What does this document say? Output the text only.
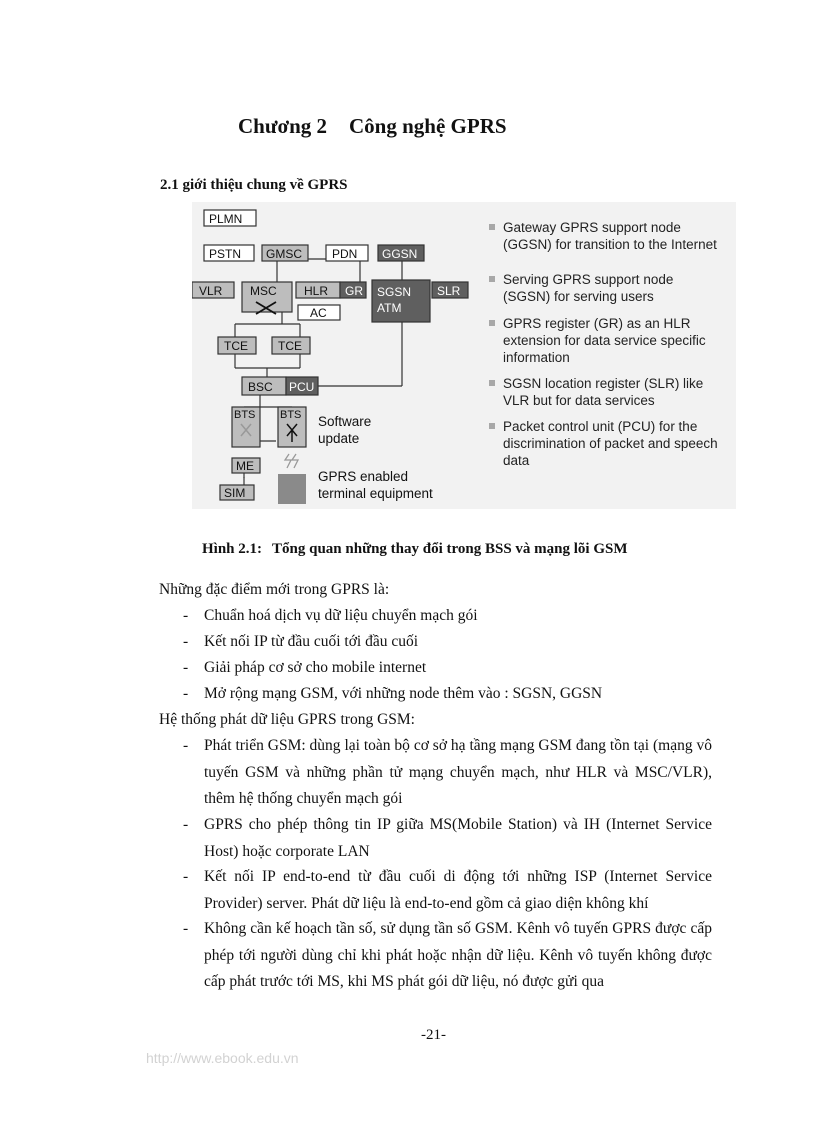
Chương 2 Công nghệ GPRS
2.1 giới thiệu chung về GPRS
PLMN
PSTN GMSC	PDN GGSN
VLR MSC HLR GR
AC
SGSN
ATM
SLR
TCE	TCE
BSC PCU
BTS BTS
ME
SIM
Software
update
GPRS enabled
terminal equipment
Gateway GPRS support node
(GGSN) for transition to the Internet
Serving GPRS support node
(SGSN) for serving users
GPRS register (GR) as an HLR
extension for data service specific
information
SGSN location register (SLR) like
VLR but for data services
Packet control unit (PCU) for the
discrimination of packet and speech
data
Hình 2.1: Tổng quan những thay đổi trong BSS và mạng lõi GSM
Những đặc điểm mới trong GPRS là:
- Chuẩn hoá dịch vụ dữ liệu chuyển mạch gói
- Kết nối IP từ đầu cuối tới đầu cuối
- Giải pháp cơ sở cho mobile internet
- Mở rộng mạng GSM, với những node thêm vào : SGSN, GGSN
Hệ thống phát dữ liệu GPRS trong GSM:
- Phát triển GSM: dùng lại toàn bộ cơ sở hạ tầng mạng GSM đang tồn tại (mạng vô tuyến GSM và những phần tử mạng chuyển mạch, như HLR và MSC/VLR), thêm hệ thống chuyển mạch gói
- GPRS cho phép thông tin IP giữa MS(Mobile Station) và IH (Internet Service Host) hoặc corporate LAN
- Kết nối IP end-to-end từ đầu cuối di động tới những ISP (Internet Service Provider) server. Phát dữ liệu là end-to-end gồm cả giao diện không khí
- Không cần kế hoạch tần số, sử dụng tần số GSM. Kênh vô tuyến GPRS được cấp phép tới người dùng chỉ khi phát hoặc nhận dữ liệu. Kênh vô tuyến không được cấp phát trước tới MS, khi MS phát gói dữ liệu, nó được gửi qua
-21-
http://www.ebook.edu.vn
